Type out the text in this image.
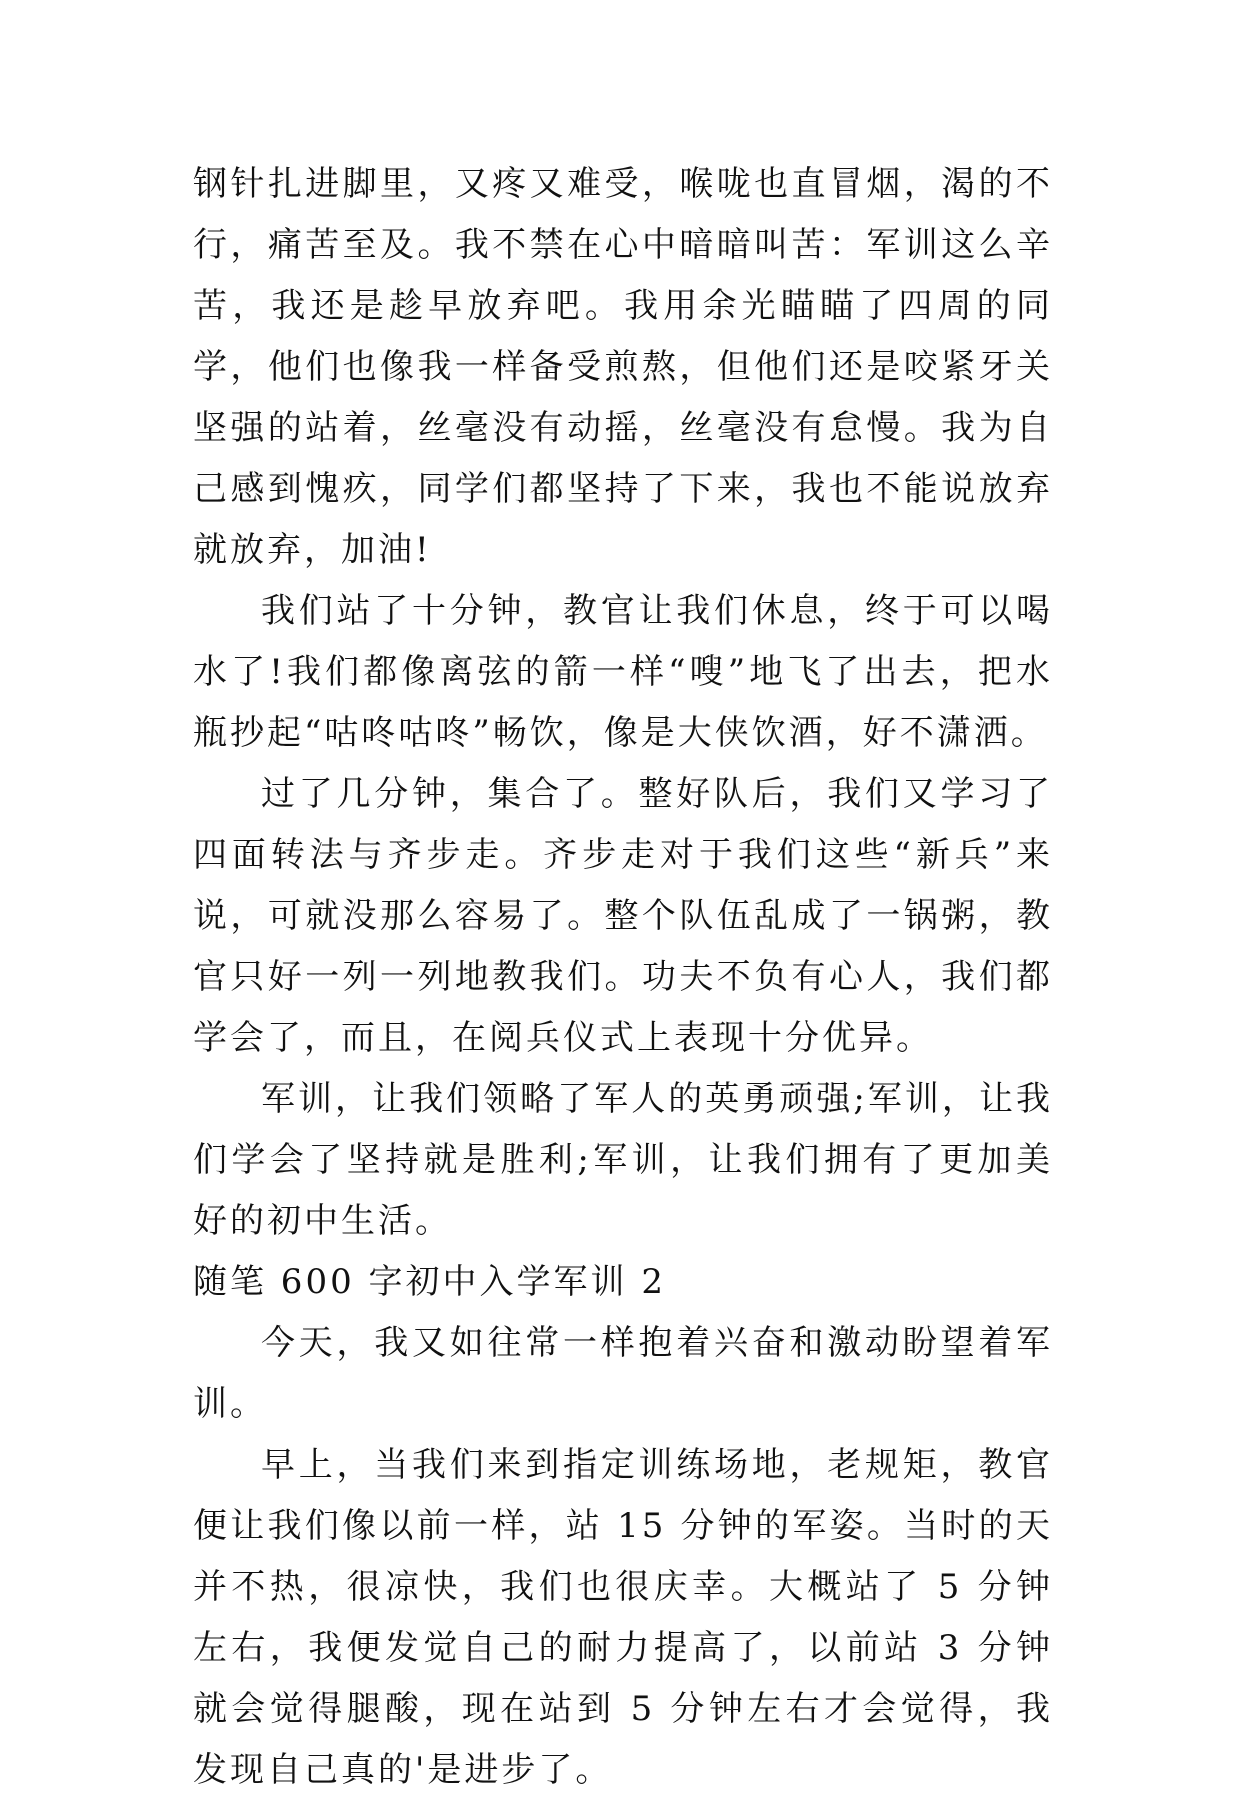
钢针扎进脚里，又疼又难受，喉咙也直冒烟，渴的不行，痛苦至及。我不禁在心中暗暗叫苦：军训这么辛苦，我还是趁早放弃吧。我用余光瞄瞄了四周的同学，他们也像我一样备受煎熬，但他们还是咬紧牙关坚强的站着，丝毫没有动摇，丝毫没有怠慢。我为自己感到愧疚，同学们都坚持了下来，我也不能说放弃就放弃，加油!

我们站了十分钟，教官让我们休息，终于可以喝水了!我们都像离弦的箭一样“嗖”地飞了出去，把水瓶抄起“咕咚咕咚”畅饮，像是大侠饮酒，好不潇洒。

过了几分钟，集合了。整好队后，我们又学习了四面转法与齐步走。齐步走对于我们这些“新兵”来说，可就没那么容易了。整个队伍乱成了一锅粥，教官只好一列一列地教我们。功夫不负有心人，我们都学会了，而且，在阅兵仪式上表现十分优异。

军训，让我们领略了军人的英勇顽强;军训，让我们学会了坚持就是胜利;军训，让我们拥有了更加美好的初中生活。

随笔 600 字初中入学军训 2

今天，我又如往常一样抱着兴奋和激动盼望着军训。

早上，当我们来到指定训练场地，老规矩，教官便让我们像以前一样，站 15 分钟的军姿。当时的天并不热，很凉快，我们也很庆幸。大概站了 5 分钟左右，我便发觉自己的耐力提高了，以前站 3 分钟就会觉得腿酸，现在站到 5 分钟左右才会觉得，我发现自己真的'是进步了。
